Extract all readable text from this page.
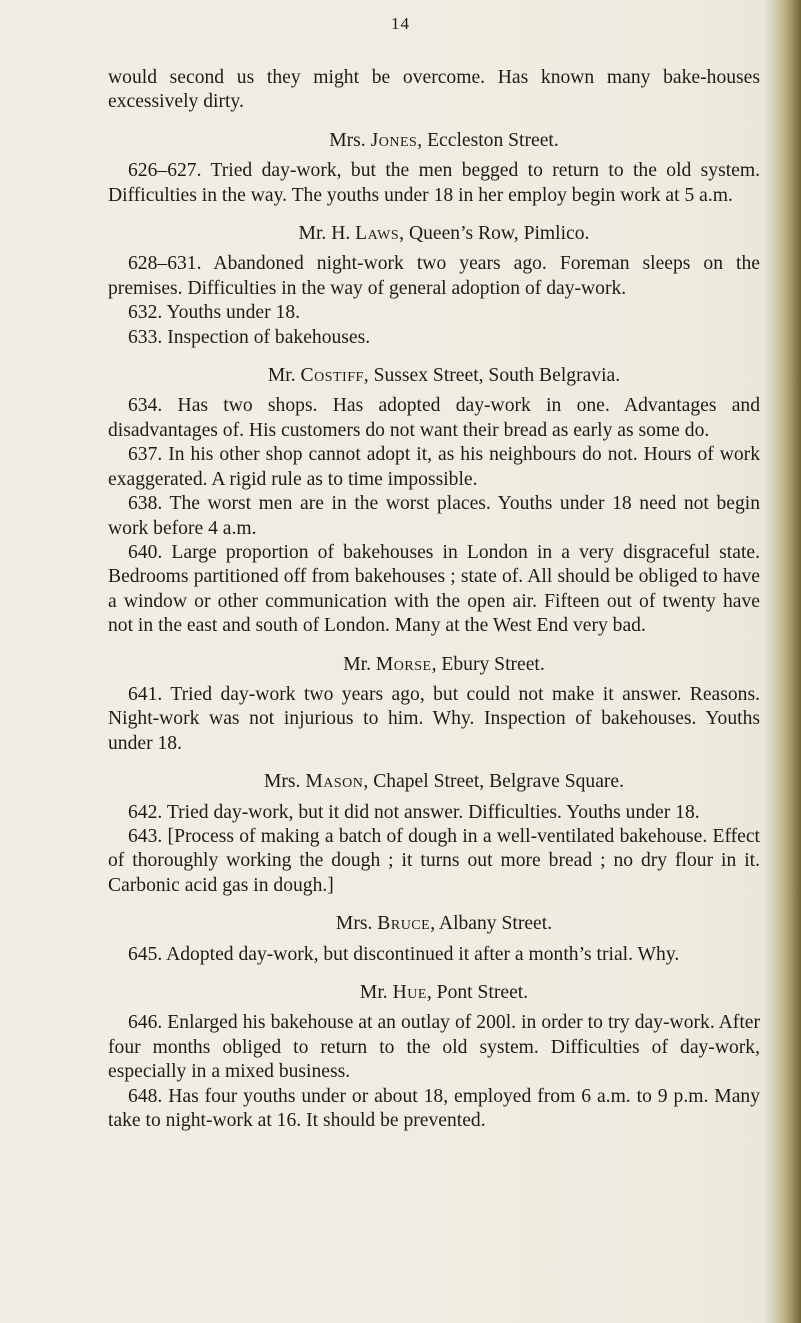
14

would second us they might be overcome. Has known many bake-houses excessively dirty.

Mrs. Jones, Eccleston Street.

626–627. Tried day-work, but the men begged to return to the old system. Difficulties in the way. The youths under 18 in her employ begin work at 5 a.m.

Mr. H. Laws, Queen’s Row, Pimlico.

628–631. Abandoned night-work two years ago. Foreman sleeps on the premises. Difficulties in the way of general adoption of day-work.

632. Youths under 18.

633. Inspection of bakehouses.

Mr. Costiff, Sussex Street, South Belgravia.

634. Has two shops. Has adopted day-work in one. Advantages and disadvantages of. His customers do not want their bread as early as some do.

637. In his other shop cannot adopt it, as his neighbours do not. Hours of work exaggerated. A rigid rule as to time impossible.

638. The worst men are in the worst places. Youths under 18 need not begin work before 4 a.m.

640. Large proportion of bakehouses in London in a very disgraceful state. Bedrooms partitioned off from bakehouses ; state of. All should be obliged to have a window or other communication with the open air. Fifteen out of twenty have not in the east and south of London. Many at the West End very bad.

Mr. Morse, Ebury Street.

641. Tried day-work two years ago, but could not make it answer. Reasons. Night-work was not injurious to him. Why. Inspection of bakehouses. Youths under 18.

Mrs. Mason, Chapel Street, Belgrave Square.

642. Tried day-work, but it did not answer. Difficulties. Youths under 18.

643. [Process of making a batch of dough in a well-ventilated bakehouse. Effect of thoroughly working the dough ; it turns out more bread ; no dry flour in it. Carbonic acid gas in dough.]

Mrs. Bruce, Albany Street.

645. Adopted day-work, but discontinued it after a month’s trial. Why.

Mr. Hue, Pont Street.

646. Enlarged his bakehouse at an outlay of 200l. in order to try day-work. After four months obliged to return to the old system. Difficulties of day-work, especially in a mixed business.

648. Has four youths under or about 18, employed from 6 a.m. to 9 p.m. Many take to night-work at 16. It should be prevented.
